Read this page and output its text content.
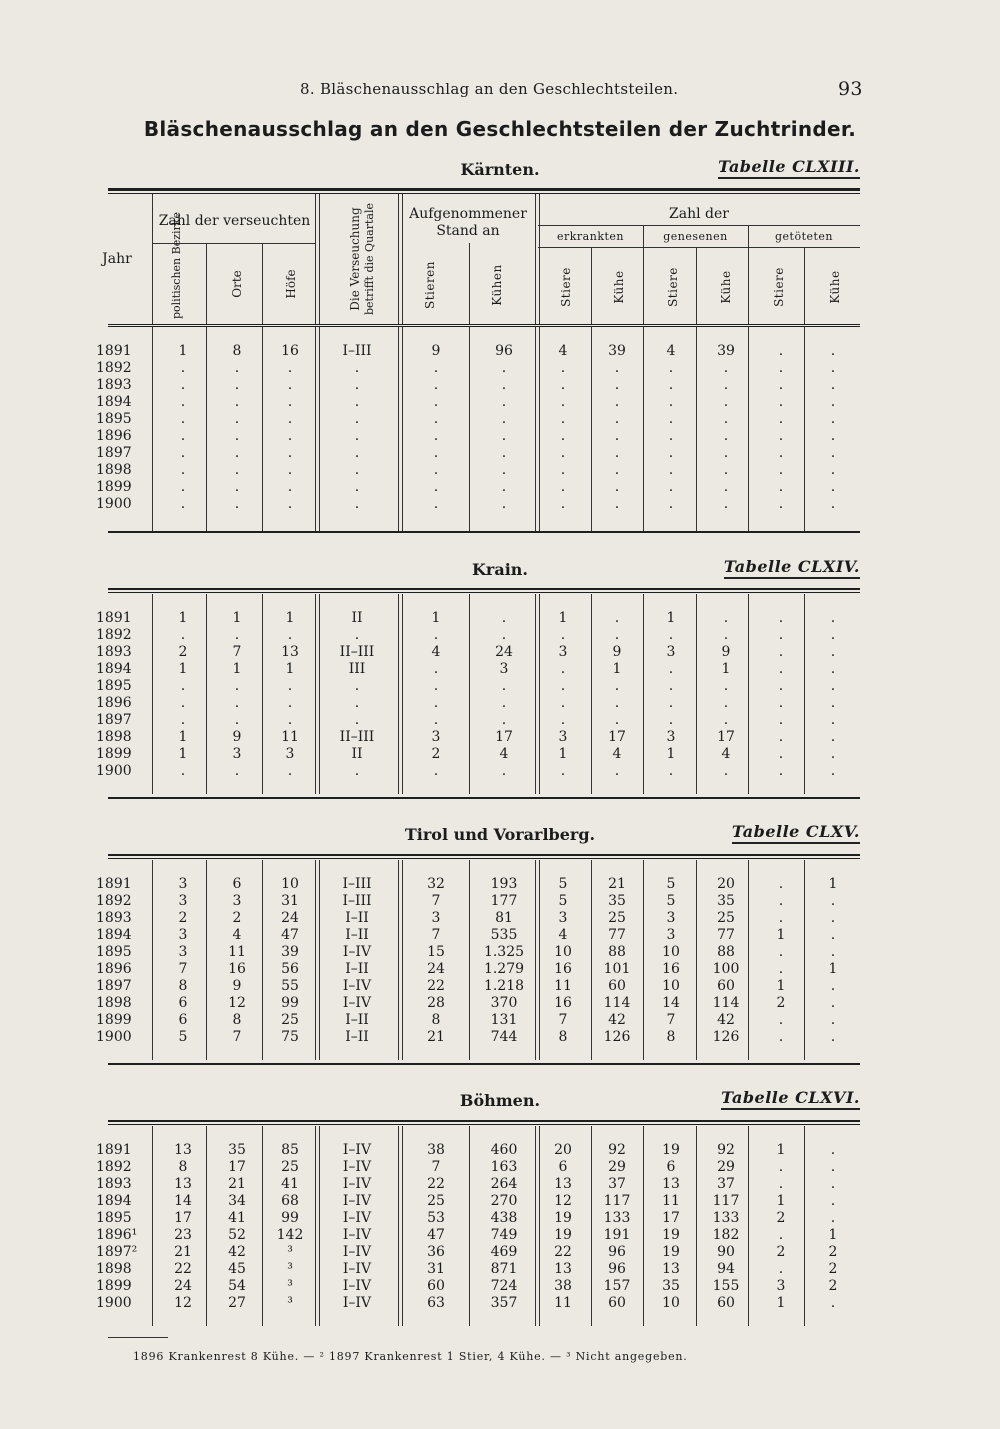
8. Bläschenausschlag an den Geschlechtsteilen.	93
Bläschenausschlag an den Geschlechtsteilen der Zuchtrinder.
Kärnten.	Tabelle CLXIII.
Jahr
Zahl der verseuchten
politischen Bezirke	Orte	Höfe	Die Verseuchung betrifft die Quartale	Aufgenommener
Stand an
Stieren	Kühen
Zahl der
erkrankten	genesenen	getöteten
Stiere	Kühe	Stiere	Kühe	Stiere	Kühe
Krain.	Tabelle CLXIV.
Tirol und Vorarlberg.	Tabelle CLXV.
Böhmen.	Tabelle CLXVI.
1891	1	8	16	I–III	9	96	4	39	4	39	.	.
1892	.	.	.	.	.	.	.	.	.	.	.	.
1893	.	.	.	.	.	.	.	.	.	.	.	.
1894	.	.	.	.	.	.	.	.	.	.	.	.
1895	.	.	.	.	.	.	.	.	.	.	.	.
1896	.	.	.	.	.	.	.	.	.	.	.	.
1897	.	.	.	.	.	.	.	.	.	.	.	.
1898	.	.	.	.	.	.	.	.	.	.	.	.
1899	.	.	.	.	.	.	.	.	.	.	.	.
1900	.	.	.	.	.	.	.	.	.	.	.	.
1891	1	1	1	II	1	.	1	.	1	.	.	.
1892	.	.	.	.	.	.	.	.	.	.	.	.
1893	2	7	13	II–III	4	24	3	9	3	9	.	.
1894	1	1	1	III	.	3	.	1	.	1	.	.
1895	.	.	.	.	.	.	.	.	.	.	.	.
1896	.	.	.	.	.	.	.	.	.	.	.	.
1897	.	.	.	.	.	.	.	.	.	.	.	.
1898	1	9	11	II–III	3	17	3	17	3	17	.	.
1899	1	3	3	II	2	4	1	4	1	4	.	.
1900	.	.	.	.	.	.	.	.	.	.	.	.
1891	3	6	10	I–III	32	193	5	21	5	20	.	1
1892	3	3	31	I–III	7	177	5	35	5	35	.	.
1893	2	2	24	I–II	3	81	3	25	3	25	.	.
1894	3	4	47	I–II	7	535	4	77	3	77	1	.
1895	3	11	39	I–IV	15	1.325	10	88	10	88	.	.
1896	7	16	56	I–II	24	1.279	16	101	16	100	.	1
1897	8	9	55	I–IV	22	1.218	11	60	10	60	1	.
1898	6	12	99	I–IV	28	370	16	114	14	114	2	.
1899	6	8	25	I–II	8	131	7	42	7	42	.	.
1900	5	7	75	I–II	21	744	8	126	8	126	.	.
1891	13	35	85	I–IV	38	460	20	92	19	92	1	.
1892	8	17	25	I–IV	7	163	6	29	6	29	.	.
1893	13	21	41	I–IV	22	264	13	37	13	37	.	.
1894	14	34	68	I–IV	25	270	12	117	11	117	1	.
1895	17	41	99	I–IV	53	438	19	133	17	133	2	.
1896¹	23	52	142	I–IV	47	749	19	191	19	182	.	1
1897²	21	42	³	I–IV	36	469	22	96	19	90	2	2
1898	22	45	³	I–IV	31	871	13	96	13	94	.	2
1899	24	54	³	I–IV	60	724	38	157	35	155	3	2
1900	12	27	³	I–IV	63	357	11	60	10	60	1	.
1896 Krankenrest 8 Kühe. — ² 1897 Krankenrest 1 Stier, 4 Kühe. — ³ Nicht angegeben.
